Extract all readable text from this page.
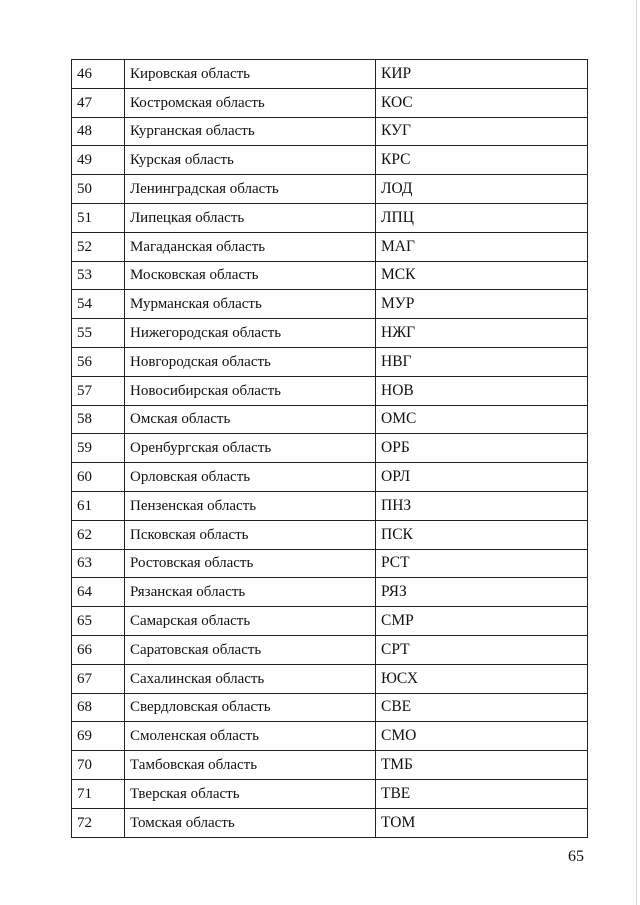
46	Кировская область	КИР
47	Костромская область	КОС
48	Курганская область	КУГ
49	Курская область	КРС
50	Ленинградская область	ЛОД
51	Липецкая область	ЛПЦ
52	Магаданская область	МАГ
53	Московская область	МСК
54	Мурманская область	МУР
55	Нижегородская область	НЖГ
56	Новгородская область	НВГ
57	Новосибирская область	НОВ
58	Омская область	ОМС
59	Оренбургская область	ОРБ
60	Орловская область	ОРЛ
61	Пензенская область	ПНЗ
62	Псковская область	ПСК
63	Ростовская область	РСТ
64	Рязанская область	РЯЗ
65	Самарская область	СМР
66	Саратовская область	СРТ
67	Сахалинская область	ЮСХ
68	Свердловская область	СВЕ
69	Смоленская область	СМО
70	Тамбовская область	ТМБ
71	Тверская область	ТВЕ
72	Томская область	ТОМ
65
